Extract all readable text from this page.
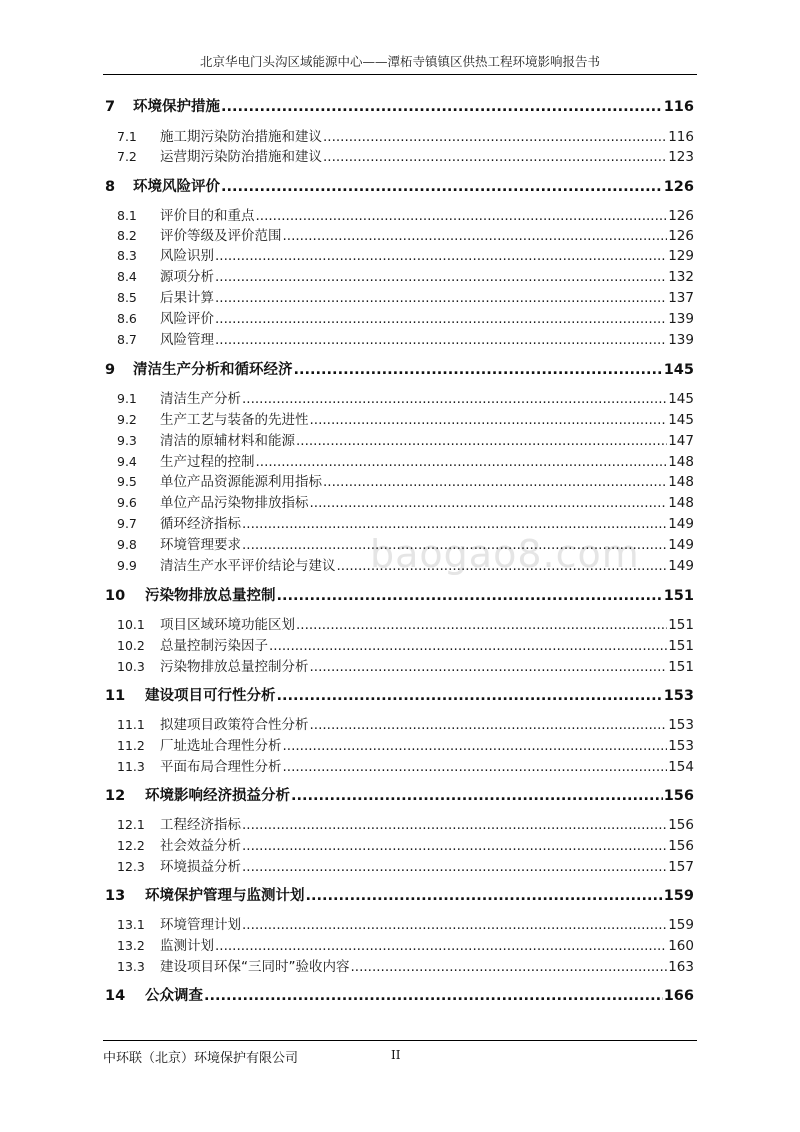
北京华电门头沟区域能源中心——潭柘寺镇镇区供热工程环境影响报告书
baogao8.com
7	环境保护措施 .....	116
7.1	施工期污染防治措施和建议 .....	116
7.2	运营期污染防治措施和建议 .....	123
8	环境风险评价 .....	126
8.1	评价目的和重点 .....	126
8.2	评价等级及评价范围 .....	126
8.3	风险识别 .....	129
8.4	源项分析 .....	132
8.5	后果计算 .....	137
8.6	风险评价 .....	139
8.7	风险管理 .....	139
9	清洁生产分析和循环经济 .....	145
9.1	清洁生产分析 .....	145
9.2	生产工艺与装备的先进性 .....	145
9.3	清洁的原辅材料和能源 .....	147
9.4	生产过程的控制 .....	148
9.5	单位产品资源能源利用指标 .....	148
9.6	单位产品污染物排放指标 .....	148
9.7	循环经济指标 .....	149
9.8	环境管理要求 .....	149
9.9	清洁生产水平评价结论与建议 .....	149
10	污染物排放总量控制 .....	151
10.1	项目区域环境功能区划 .....	151
10.2	总量控制污染因子 .....	151
10.3	污染物排放总量控制分析 .....	151
11	建设项目可行性分析 .....	153
11.1	拟建项目政策符合性分析 .....	153
11.2	厂址选址合理性分析 .....	153
11.3	平面布局合理性分析 .....	154
12	环境影响经济损益分析 .....	156
12.1	工程经济指标 .....	156
12.2	社会效益分析 .....	156
12.3	环境损益分析 .....	157
13	环境保护管理与监测计划 .....	159
13.1	环境管理计划 .....	159
13.2	监测计划 .....	160
13.3	建设项目环保“三同时”验收内容 .....	163
14	公众调查 .....	166
中环联（北京）环境保护有限公司	II
